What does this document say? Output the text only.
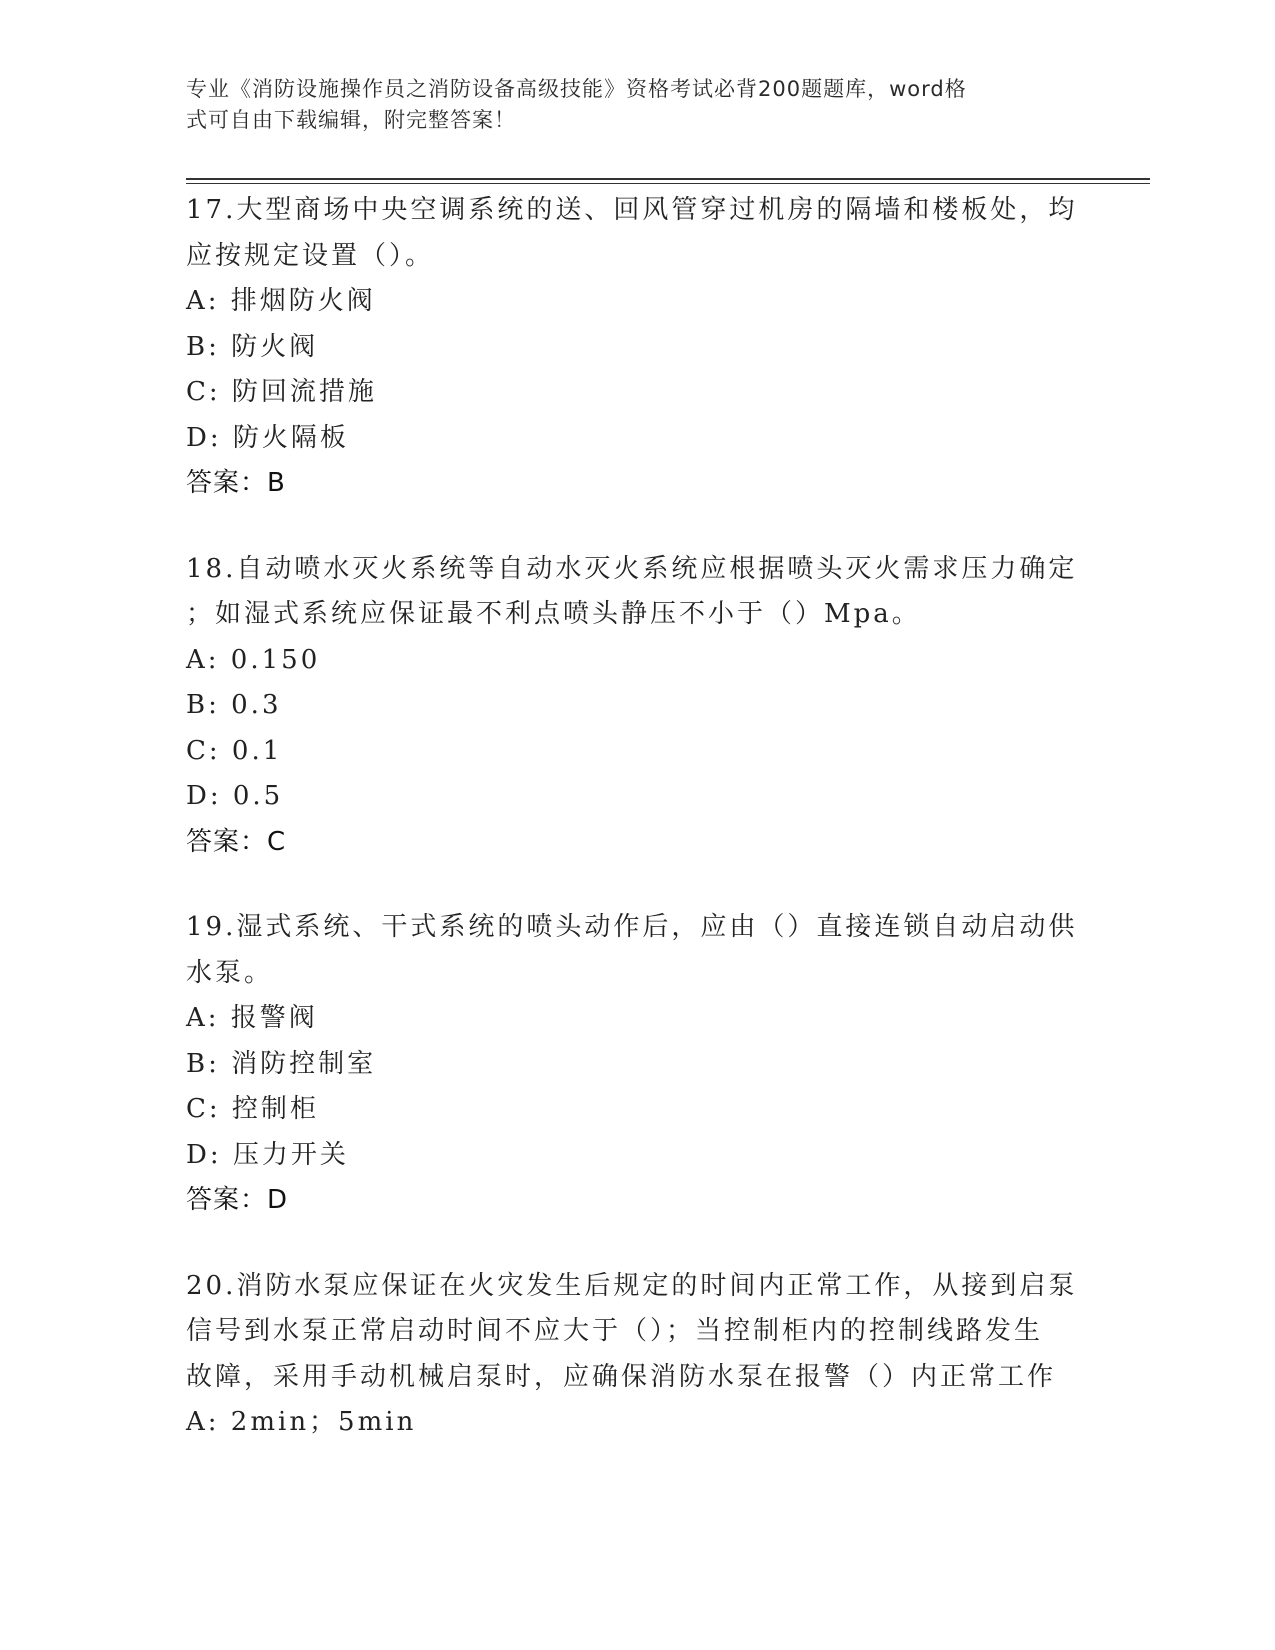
专业《消防设施操作员之消防设备高级技能》资格考试必背200题题库，word格
式可自由下载编辑，附完整答案！
17.大型商场中央空调系统的送、回风管穿过机房的隔墙和楼板处，均
应按规定设置（）。
A: 排烟防火阀
B: 防火阀
C: 防回流措施
D: 防火隔板
答案：B
18.自动喷水灭火系统等自动水灭火系统应根据喷头灭火需求压力确定
；如湿式系统应保证最不利点喷头静压不小于（）Mpa。
A: 0.150
B: 0.3
C: 0.1
D: 0.5
答案：C
19.湿式系统、干式系统的喷头动作后，应由（）直接连锁自动启动供
水泵。
A: 报警阀
B: 消防控制室
C: 控制柜
D: 压力开关
答案：D
20.消防水泵应保证在火灾发生后规定的时间内正常工作，从接到启泵
信号到水泵正常启动时间不应大于（）；当控制柜内的控制线路发生
故障，采用手动机械启泵时，应确保消防水泵在报警（）内正常工作
A: 2min；5min
